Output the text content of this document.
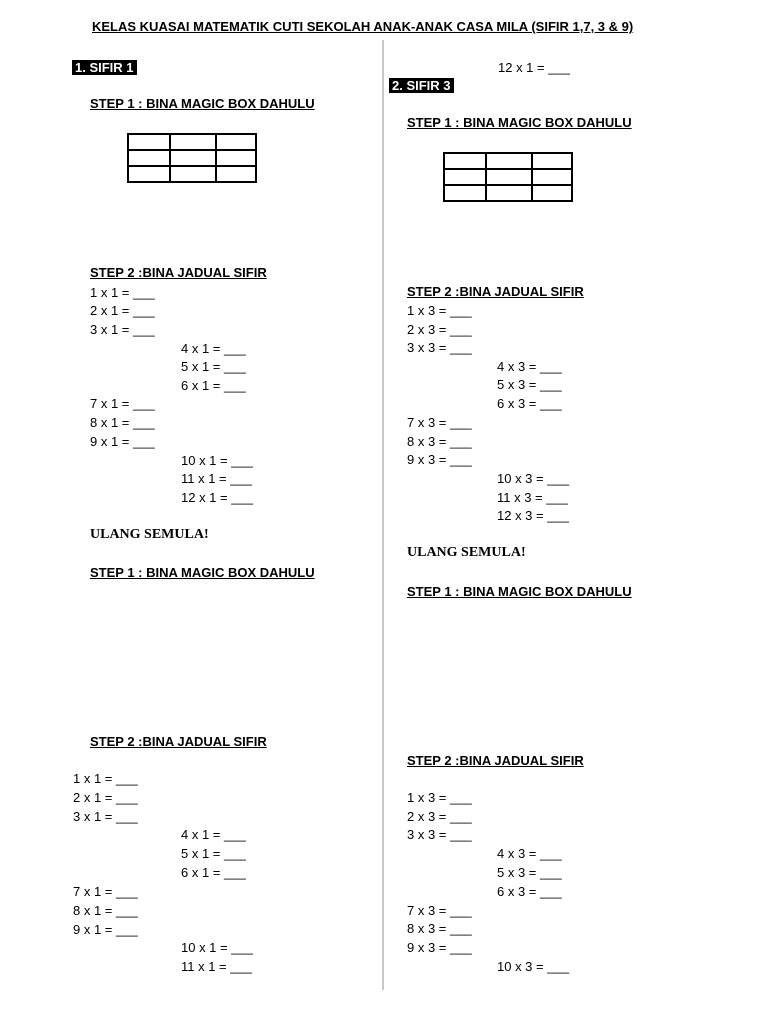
KELAS KUASAI MATEMATIK CUTI SEKOLAH ANAK-ANAK CASA MILA (SIFIR 1,7, 3 & 9)
1. SIFIR 1
STEP 1 : BINA MAGIC BOX DAHULU

STEP 2 :BINA JADUAL SIFIR
1 x 1 = ___
2 x 1 = ___
3 x 1 = ___
4 x 1 = ___
5 x 1 = ___
6 x 1 = ___
7 x 1 = ___
8 x 1 = ___
9 x 1 = ___
10 x 1 = ___
11 x 1 = ___
12 x 1 = ___
ULANG SEMULA!
STEP 1 : BINA MAGIC BOX DAHULU
STEP 2 :BINA JADUAL SIFIR
1 x 1 = ___
2 x 1 = ___
3 x 1 = ___
4 x 1 = ___
5 x 1 = ___
6 x 1 = ___
7 x 1 = ___
8 x 1 = ___
9 x 1 = ___
10 x 1 = ___
11 x 1 = ___
12 x 1 = ___
2. SIFIR 3
STEP 1 : BINA MAGIC BOX DAHULU

STEP 2 :BINA JADUAL SIFIR
1 x 3 = ___
2 x 3 = ___
3 x 3 = ___
4 x 3 = ___
5 x 3 = ___
6 x 3 = ___
7 x 3 = ___
8 x 3 = ___
9 x 3 = ___
10 x 3 = ___
11 x 3 = ___
12 x 3 = ___
ULANG SEMULA!
STEP 1 : BINA MAGIC BOX DAHULU
STEP 2 :BINA JADUAL SIFIR
1 x 3 = ___
2 x 3 = ___
3 x 3 = ___
4 x 3 = ___
5 x 3 = ___
6 x 3 = ___
7 x 3 = ___
8 x 3 = ___
9 x 3 = ___
10 x 3 = ___
